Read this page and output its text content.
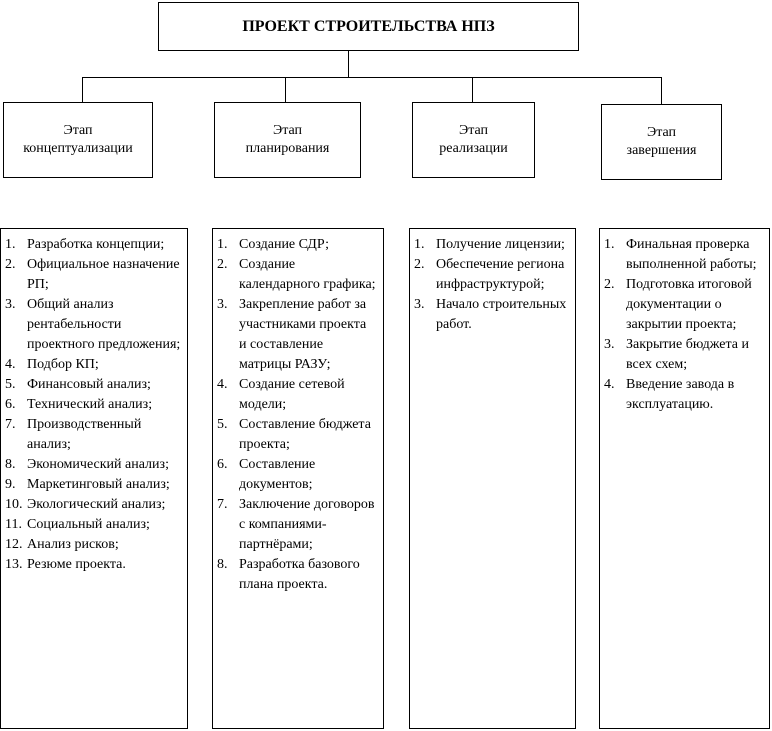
ПРОЕКТ СТРОИТЕЛЬСТВА НПЗ
Этап
концептуализации
Этап
планирования
Этап
реализации
Этап
завершения
1. Разработка концепции;
2. Официальное назначение РП;
3. Общий анализ рентабельности проектного предложения;
4. Подбор КП;
5. Финансовый анализ;
6. Технический анализ;
7. Производственный анализ;
8. Экономический анализ;
9. Маркетинговый анализ;
10. Экологический анализ;
11. Социальный анализ;
12. Анализ рисков;
13. Резюме проекта.
1. Создание СДР;
2. Создание календарного графика;
3. Закрепление работ за участниками проекта и составление матрицы РАЗУ;
4. Создание сетевой модели;
5. Составление бюджета проекта;
6. Составление документов;
7. Заключение договоров с компаниями-партнёрами;
8. Разработка базового плана проекта.
1. Получение лицензии;
2. Обеспечение региона инфраструктурой;
3. Начало строительных работ.
1. Финальная проверка выполненной работы;
2. Подготовка итоговой документации о закрытии проекта;
3. Закрытие бюджета и всех схем;
4. Введение завода в эксплуатацию.
